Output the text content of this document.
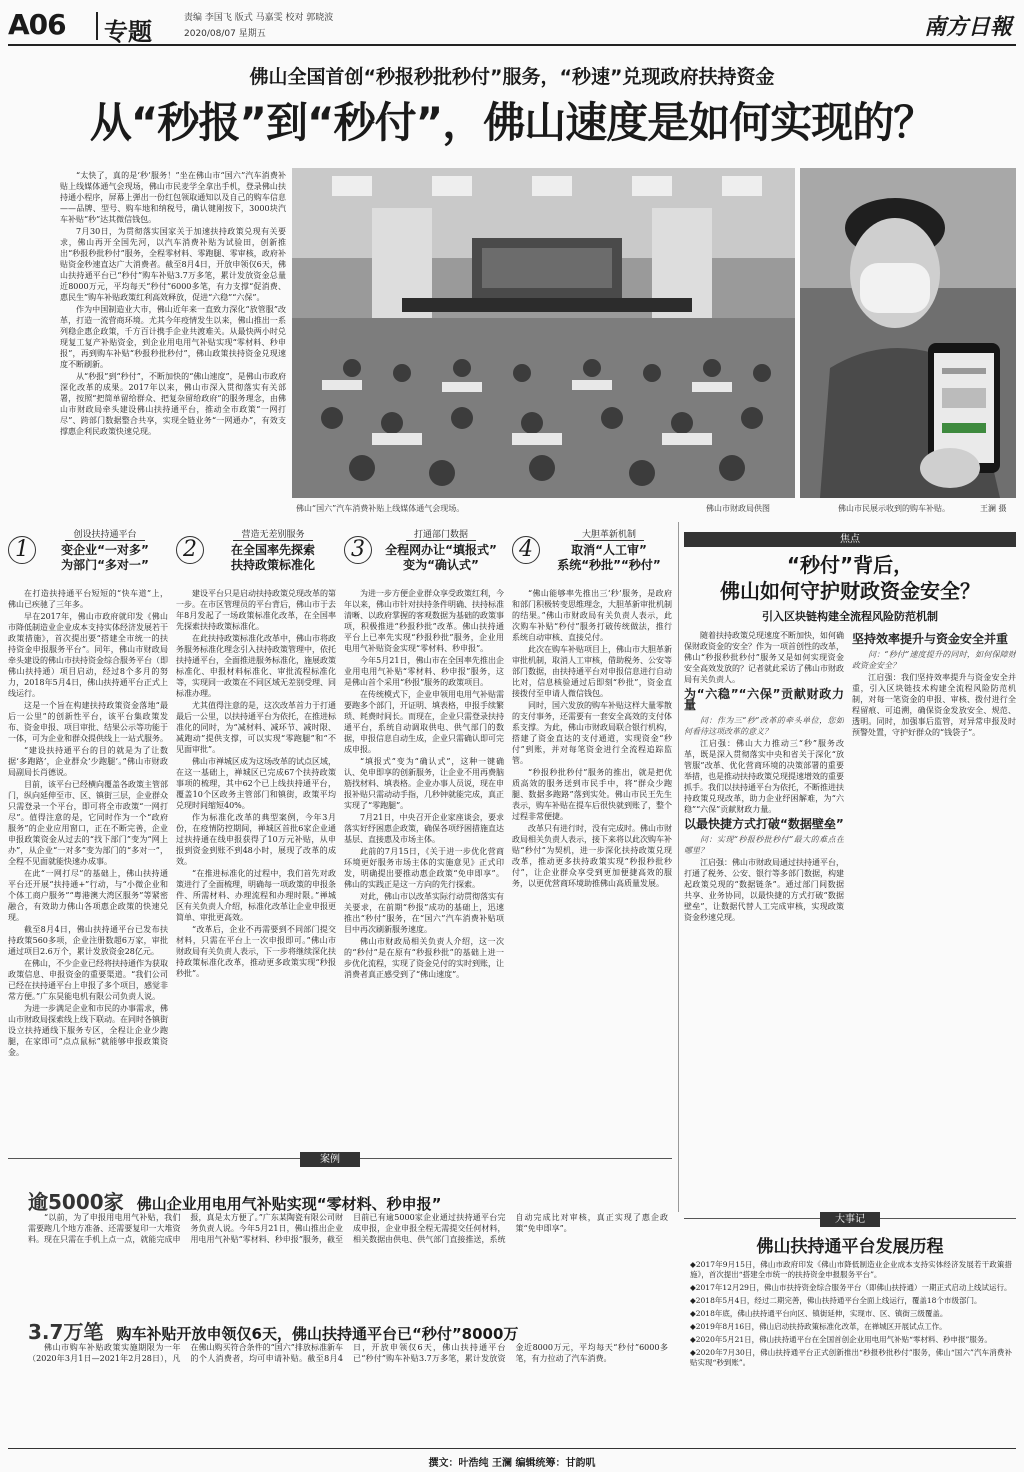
A06 专题	责编 李国飞 版式 马嘉雯 校对 郭晓波
2020/08/07 星期五	南方日報
佛山全国首创“秒报秒批秒付”服务，“秒速”兑现政府扶持资金
从“秒报”到“秒付”，佛山速度是如何实现的？

“太快了，真的是‘秒’服务！”坐在佛山市“国六”汽车消费补贴上线媒体通气会现场，佛山市民麦学全拿出手机，登录佛山扶持通小程序，屏幕上弹出一份红包领取通知以及自己的购车信息——品牌、型号、购车地和纳税号，确认键刚按下，3000块汽车补贴“秒”达其微信钱包。

7月30日，为贯彻落实国家关于加速扶持政策兑现有关要求，佛山再开全国先河，以汽车消费补贴为试验田，创新推出“秒报秒批秒付”服务，全程零材料、零跑腿、零审核，政府补贴资金秒速直达广大消费者。截至8月4日，开放申领仅6天，佛山扶持通平台已“秒付”购车补贴3.7万多笔，累计发放资金总量近8000万元，平均每天“秒付”6000多笔，有力支撑“促消费、惠民生”购车补贴政策红利高效释放，促进“六稳”“六保”。

作为中国制造业大市，佛山近年来一直致力深化“放管服”改革，打造一流营商环境。尤其今年疫情发生以来，佛山推出一系列稳企惠企政策，千方百计携手企业共渡难关。从最快两小时兑现复工复产补贴资金，到企业用电用气补贴实现“零材料、秒申报”，再到购车补贴“秒报秒批秒付”，佛山政策扶持资金兑现速度不断刷新。

从“秒报”到“秒付”，不断加快的“佛山速度”，是佛山市政府深化改革的成果。2017年以来，佛山市深入贯彻落实有关部署，按照“把简单留给群众、把复杂留给政府”的服务理念，由佛山市财政局牵头建设佛山扶持通平台，推动全市政策“一网打尽”、跨部门数据整合共享，实现全链业务“一网通办”，有效支撑惠企利民政策快速兑现。

佛山“国六”汽车消费补贴上线媒体通气会现场。	佛山市财政局供图	佛山市民展示收到的购车补贴。	王澜 摄
1
创设扶持通平台
变企业“一对多”
为部门“多对一”

在打造扶持通平台短短的“快车道”上，佛山已疾驰了三年多。

早在2017年，佛山市政府就印发《佛山市降低制造业企业成本支持实体经济发展若干政策措施》，首次提出要“搭建全市统一的扶持资金申报服务平台”。同年，佛山市财政局牵头建设的佛山市扶持资金综合服务平台（即佛山扶持通）项目启动，经过8个多月的努力，2018年5月4日，佛山扶持通平台正式上线运行。

这是一个旨在构建扶持政策资金落地“最后一公里”的创新性平台，该平台集政策发布、资金申报、项目审批、结果公示等功能于一体，可为企业和群众提供线上一站式服务。

“建设扶持通平台的目的就是为了让数据‘多跑路’，企业群众‘少跑腿’。”佛山市财政局副局长肖德说。

目前，该平台已经横向覆盖各政策主管部门，纵向延伸至市、区、镇街三层，企业群众只需登录一个平台，即可将全市政策“一网打尽”。值得注意的是，它同时作为一个“政府服务”的企业应用窗口，正在不断完善，企业申报政策资金从过去的“找下部门”变为“网上办”，从企业“一对多”变为部门的“多对一”，全程不见面就能快速办成事。

在此“一网打尽”的基础上，佛山扶持通平台还开展“扶持通+”行动，与“小微企业和个体工商户服务”“粤港澳大湾区服务”等紧密融合，有效助力佛山各项惠企政策的快速兑现。

截至8月4日，佛山扶持通平台已发布扶持政策560多项，企业注册数超6万家，审批通过项目2.6万个，累计发放资金28亿元。

在佛山，不少企业已经将扶持通作为获取政策信息、申报资金的重要渠道。“我们公司已经在扶持通平台上申报了多个项目，感觉非常方便。”广东昊能电机有限公司负责人说。

为进一步满足企业和市民的办事需求，佛山市财政局探索线上线下联动。在同时各镇街设立扶持通线下服务专区，全程让企业少跑腿，在家即可“点点鼠标”就能够申报政策资金。

2
营造无差别服务
在全国率先探索
扶持政策标准化

建设平台只是启动扶持政策兑现改革的第一步。在市区管理员的平台背后，佛山市于去年8月发起了一场政策标准化改革，在全国率先探索扶持政策标准化。

在此扶持政策标准化改革中，佛山市将政务服务标准化理念引入扶持政策管理中，依托扶持通平台，全面推进服务标准化，施展政策标准化、申报材料标准化、审批流程标准化等，实现同一政策在不同区域无差别受理、同标准办理。

尤其值得注意的是，这次改革首力于打通最后一公里，以扶持通平台为依托，在推进标准化的同时，为“减材料、减环节、减时限、减跑动”提供支撑，可以实现“零跑腿”和“不见面审批”。

佛山市禅城区成为这场改革的试点区域，在这一基础上，禅城区已完成67个扶持政策事项的梳理，其中62个已上线扶持通平台，覆盖10个区政务主管部门和镇街，政策平均兑现时间缩短40%。

作为标准化改革的典型案例，今年3月份，在疫情防控期间，禅城区首批6家企业通过扶持通在线申报获得了10万元补贴，从申报到资金到账不到48小时，展现了改革的成效。

“在推进标准化的过程中，我们首先对政策进行了全面梳理，明确每一项政策的申报条件、所需材料、办理流程和办理时限。”禅城区有关负责人介绍，标准化改革让企业申报更简单、审批更高效。

“改革后，企业不再需要到不同部门提交材料，只需在平台上一次申报即可。”佛山市财政局有关负责人表示，下一步将继续深化扶持政策标准化改革，推动更多政策实现“秒报秒批”。

3
打通部门数据
全程网办让“填报式”
变为“确认式”

为进一步方便企业群众享受政策红利，今年以来，佛山市针对扶持条件明确、扶持标准清晰、以政府掌握的客观数据为基础的政策事项，积极推进“秒报秒批”改革。佛山扶持通平台上已率先实现“秒报秒批”服务，企业用电用气补贴资金实现“零材料、秒申报”。

今年5月21日，佛山市在全国率先推出企业用电用气补贴“零材料、秒申报”服务，这是佛山首个采用“秒报”服务的政策项目。

在传统模式下，企业申领用电用气补贴需要跑多个部门，开证明、填表格，申报手续繁琐、耗费时间长。而现在，企业只需登录扶持通平台，系统自动调取供电、供气部门的数据，申报信息自动生成，企业只需确认即可完成申报。

“填报式”变为“确认式”，这种一键确认、免申即享的创新服务，让企业不用再费脑筋找材料、填表格。企业办事人员说，现在申报补贴只需动动手指，几秒钟就能完成，真正实现了“零跑腿”。

7月21日，中央召开企业家座谈会，要求落实好纾困惠企政策，确保各项纾困措施直达基层、直接惠及市场主体。

此前的7月15日，《关于进一步优化营商环境更好服务市场主体的实施意见》正式印发，明确提出要推动惠企政策“免申即享”。佛山的实践正是这一方向的先行探索。

对此，佛山市以改革实际行动贯彻落实有关要求，在前期“秒报”成功的基础上，迅速推出“秒付”服务，在“国六”汽车消费补贴项目中再次刷新服务速度。

佛山市财政局相关负责人介绍，这一次的“秒付”是在原有“秒报秒批”的基础上进一步优化流程，实现了资金兑付的实时到账，让消费者真正感受到了“佛山速度”。

4
大胆革新机制
取消“人工审”
系统“秒批”“秒付”

“佛山能够率先推出三‘秒’服务，是政府和部门积极转变思维理念，大胆革新审批机制的结果。”佛山市财政局有关负责人表示，此次购车补贴“秒付”服务打破传统做法，推行系统自动审核、直接兑付。

此次在购车补贴项目上，佛山市大胆革新审批机制，取消人工审核，借助税务、公安等部门数据，由扶持通平台对申报信息进行自动比对，信息核验通过后即刻“秒批”，资金直接拨付至申请人微信钱包。

同时，国六发放的购车补贴这样大量零散的支付事务，还需要有一套安全高效的支付体系支撑。为此，佛山市财政局联合银行机构，搭建了资金直达的支付通道，实现资金“秒付”到账，并对每笔资金进行全流程追踪监管。

“秒报秒批秒付”服务的推出，就是把优质高效的服务送到市民手中，将“群众少跑腿、数据多跑路”落到实处。佛山市民王先生表示，购车补贴在提车后很快就到账了，整个过程非常便捷。

改革只有进行时，没有完成时。佛山市财政局相关负责人表示，接下来将以此次购车补贴“秒付”为契机，进一步深化扶持政策兑现改革，推动更多扶持政策实现“秒报秒批秒付”，让企业群众享受到更加便捷高效的服务，以更优营商环境助推佛山高质量发展。

焦点
“秒付”背后，
佛山如何守护财政资金安全？
引入区块链构建全流程风险防范机制

随着扶持政策兑现速度不断加快，如何确保财政资金的安全？作为一项首创性的改革，佛山“秒报秒批秒付”服务又是如何实现资金安全高效发放的？记者就此采访了佛山市财政局有关负责人。

为“六稳”“六保”贡献财政力量

问：作为三“秒”改革的牵头单位，您如何看待这项改革的意义？

江启强：佛山大力推动三“秒”服务改革，既是深入贯彻落实中央和省关于深化“放管服”改革、优化营商环境的决策部署的重要举措，也是推动扶持政策兑现提速增效的重要抓手。我们以扶持通平台为依托，不断推进扶持政策兑现改革，助力企业纾困解难，为“六稳”“六保”贡献财政力量。

以最快捷方式打破“数据壁垒”

问：实现“秒报秒批秒付”最大的难点在哪里？

江启强：佛山市财政局通过扶持通平台，打通了税务、公安、银行等多部门数据，构建起政策兑现的“数据链条”。通过部门间数据共享、业务协同，以最快捷的方式打破“数据壁垒”，让数据代替人工完成审核，实现政策资金秒速兑现。

坚持效率提升与资金安全并重

问：“秒付”速度提升的同时，如何保障财政资金安全？

江启强：我们坚持效率提升与资金安全并重，引入区块链技术构建全流程风险防范机制，对每一笔资金的申报、审核、拨付进行全程留痕、可追溯，确保资金发放安全、规范、透明。同时，加强事后监管，对异常申报及时预警处置，守护好群众的“钱袋子”。

案例
逾5000家 佛山企业用电用气补贴实现“零材料、秒申报”

“以前，为了申报用电用气补贴，我们需要跑几个地方准备、还需要复印一大堆资料。现在只需在手机上点一点，就能完成申报，真是太方便了。”广东某陶瓷有限公司财务负责人说。今年5月21日，佛山推出企业用电用气补贴“零材料、秒申报”服务，截至目前已有逾5000家企业通过扶持通平台完成申报，企业申报全程无需提交任何材料，相关数据由供电、供气部门直接推送，系统自动完成比对审核，真正实现了惠企政策“免申即享”。

3.7万笔 购车补贴开放申领仅6天，佛山扶持通平台已“秒付”8000万

佛山市购车补贴政策实施期限为一年（2020年3月1日—2021年2月28日），凡在佛山购买符合条件的“国六”排放标准新车的个人消费者，均可申请补贴。截至8月4日，开放申领仅6天，佛山扶持通平台已“秒付”购车补贴3.7万多笔，累计发放资金近8000万元，平均每天“秒付”6000多笔，有力拉动了汽车消费。

大事记
佛山扶持通平台发展历程
◆2017年9月15日，佛山市政府印发《佛山市降低制造业企业成本支持实体经济发展若干政策措施》，首次提出“搭建全市统一的扶持资金申报服务平台”。
◆2017年12月29日，佛山市扶持资金综合服务平台（即佛山扶持通）一期正式启动上线试运行。
◆2018年5月4日，经过二期完善，佛山扶持通平台全面上线运行，覆盖18个市级部门。
◆2018年底，佛山扶持通平台向区、镇街延伸，实现市、区、镇街三级覆盖。
◆2019年8月16日，佛山启动扶持政策标准化改革，在禅城区开展试点工作。
◆2020年5月21日，佛山扶持通平台在全国首创企业用电用气补贴“零材料、秒申报”服务。
◆2020年7月30日，佛山扶持通平台正式创新推出“秒报秒批秒付”服务，佛山“国六”汽车消费补贴实现“秒到账”。
撰文：叶浩纯 王澜 编辑统筹：甘韵叽
